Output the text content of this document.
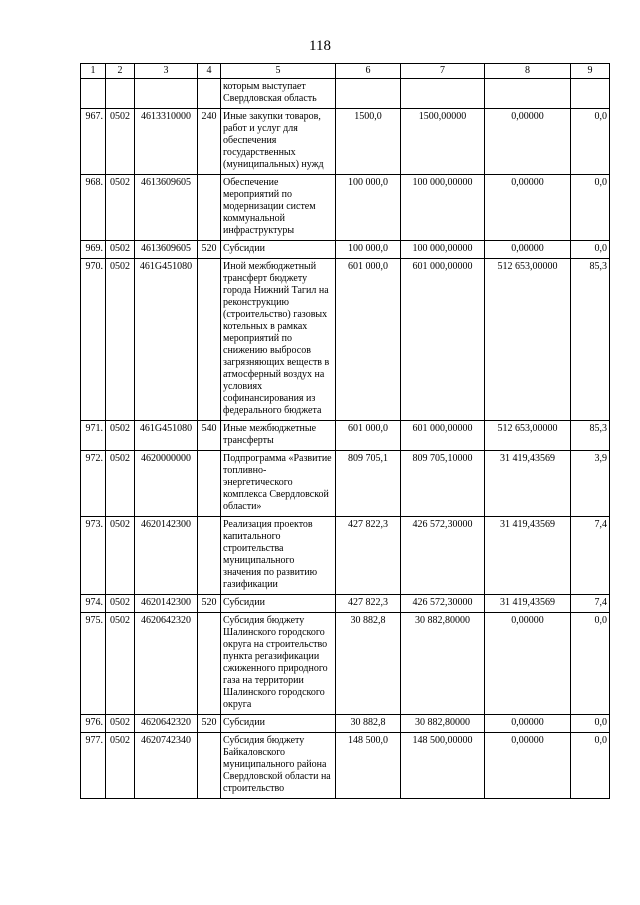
118
1	2	3	4	5	6	7	8	9
				которым выступает Свердловская область				
967.	0502	4613310000	240	Иные закупки товаров, работ и услуг для обеспечения государственных (муниципальных) нужд	1500,0	1500,00000	0,00000	0,0
968.	0502	4613609605		Обеспечение мероприятий по модернизации систем коммунальной инфраструктуры	100 000,0	100 000,00000	0,00000	0,0
969.	0502	4613609605	520	Субсидии	100 000,0	100 000,00000	0,00000	0,0
970.	0502	461G451080		Иной межбюджетный трансферт бюджету города Нижний Тагил на реконструкцию (строительство) газовых котельных в рамках мероприятий по снижению выбросов загрязняющих веществ в атмосферный воздух на условиях софинансирования из федерального бюджета	601 000,0	601 000,00000	512 653,00000	85,3
971.	0502	461G451080	540	Иные межбюджетные трансферты	601 000,0	601 000,00000	512 653,00000	85,3
972.	0502	4620000000		Подпрограмма «Развитие топливно-энергетического комплекса Свердловской области»	809 705,1	809 705,10000	31 419,43569	3,9
973.	0502	4620142300		Реализация проектов капитального строительства муниципального значения по развитию газификации	427 822,3	426 572,30000	31 419,43569	7,4
974.	0502	4620142300	520	Субсидии	427 822,3	426 572,30000	31 419,43569	7,4
975.	0502	4620642320		Субсидия бюджету Шалинского городского округа на строительство пункта регазификации сжиженного природного газа на территории Шалинского городского округа	30 882,8	30 882,80000	0,00000	0,0
976.	0502	4620642320	520	Субсидии	30 882,8	30 882,80000	0,00000	0,0
977.	0502	4620742340		Субсидия бюджету Байкаловского муниципального района Свердловской области на строительство	148 500,0	148 500,00000	0,00000	0,0
